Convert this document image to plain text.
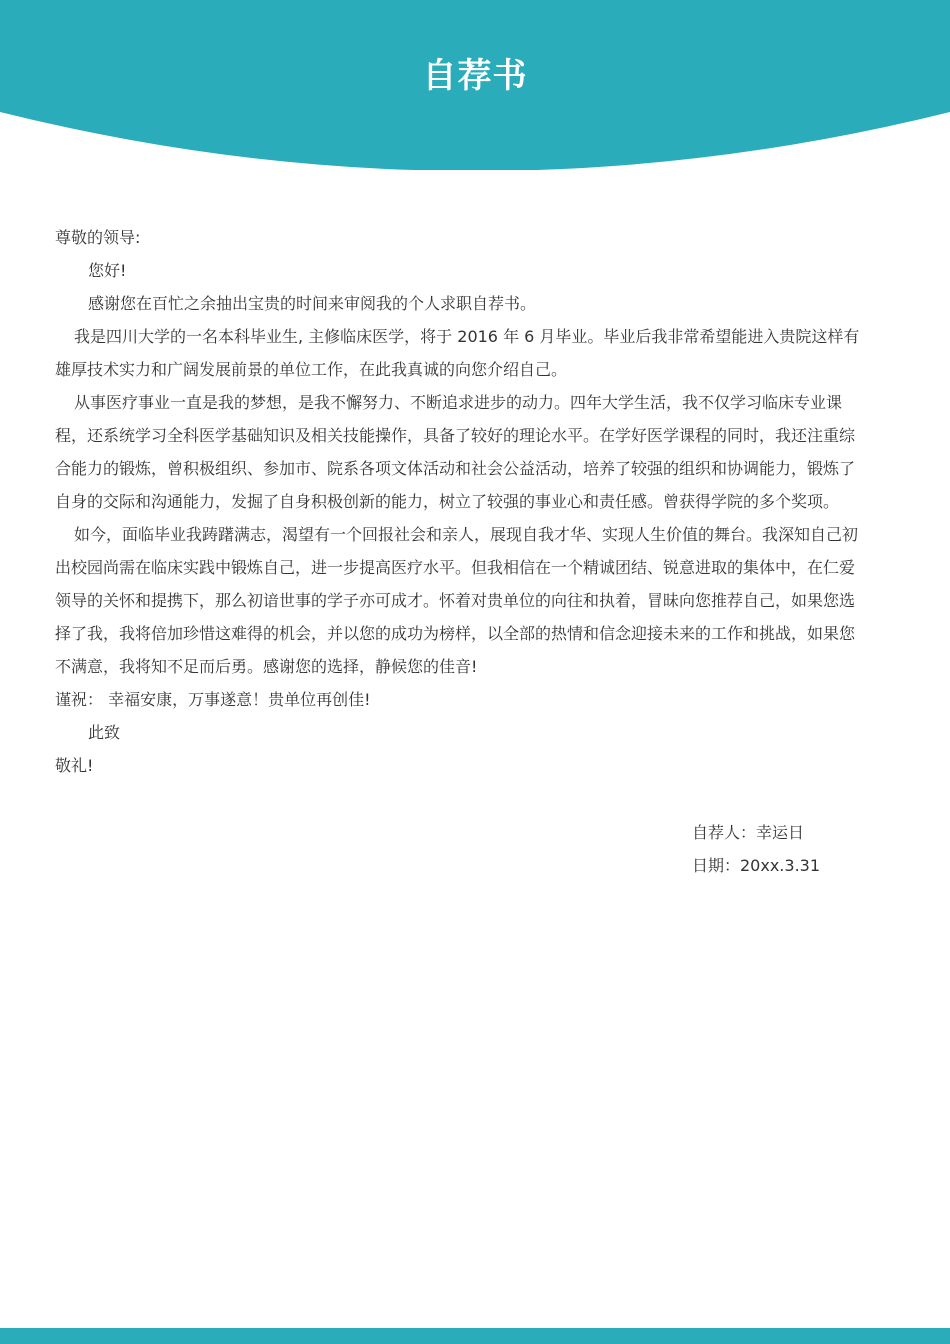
自荐书

尊敬的领导:

您好!

感谢您在百忙之余抽出宝贵的时间来审阅我的个人求职自荐书。

我是四川大学的一名本科毕业生, 主修临床医学，将于 2016 年 6 月毕业。毕业后我非常希望能进入贵院这样有雄厚技术实力和广阔发展前景的单位工作，在此我真诚的向您介绍自己。

从事医疗事业一直是我的梦想，是我不懈努力、不断追求进步的动力。四年大学生活，我不仅学习临床专业课程，还系统学习全科医学基础知识及相关技能操作，具备了较好的理论水平。在学好医学课程的同时，我还注重综合能力的锻炼，曾积极组织、参加市、院系各项文体活动和社会公益活动，培养了较强的组织和协调能力，锻炼了自身的交际和沟通能力，发掘了自身积极创新的能力，树立了较强的事业心和责任感。曾获得学院的多个奖项。

如今，面临毕业我踌躇满志，渴望有一个回报社会和亲人，展现自我才华、实现人生价值的舞台。我深知自己初出校园尚需在临床实践中锻炼自己，进一步提高医疗水平。但我相信在一个精诚团结、锐意进取的集体中，在仁爱领导的关怀和提携下，那么初谙世事的学子亦可成才。怀着对贵单位的向往和执着，冒昧向您推荐自己，如果您选择了我，我将倍加珍惜这难得的机会，并以您的成功为榜样，以全部的热情和信念迎接未来的工作和挑战，如果您不满意，我将知不足而后勇。感谢您的选择，静候您的佳音!

谨祝： 幸福安康，万事遂意！贵单位再创佳!

此致

敬礼!

自荐人：幸运日

日期：20xx.3.31
